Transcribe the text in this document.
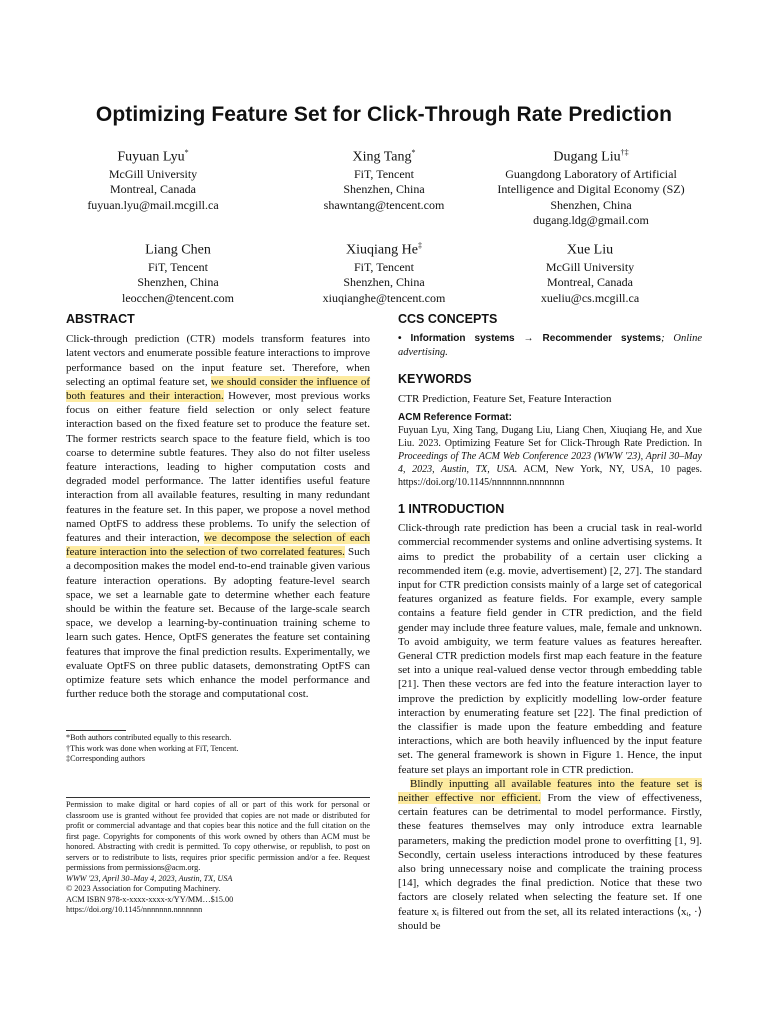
Optimizing Feature Set for Click-Through Rate Prediction
Fuyuan Lyu*
McGill University
Montreal, Canada
fuyuan.lyu@mail.mcgill.ca
Xing Tang*
FiT, Tencent
Shenzhen, China
shawntang@tencent.com
Dugang Liu†‡
Guangdong Laboratory of Artificial
Intelligence and Digital Economy (SZ)
Shenzhen, China
dugang.ldg@gmail.com
Liang Chen
FiT, Tencent
Shenzhen, China
leocchen@tencent.com
Xiuqiang He‡
FiT, Tencent
Shenzhen, China
xiuqianghe@tencent.com
Xue Liu
McGill University
Montreal, Canada
xueliu@cs.mcgill.ca
ABSTRACT

Click-through prediction (CTR) models transform features into latent vectors and enumerate possible feature interactions to improve performance based on the input feature set. Therefore, when selecting an optimal feature set, we should consider the influence of both features and their interaction. However, most previous works focus on either feature field selection or only select feature interaction based on the fixed feature set to produce the feature set. The former restricts search space to the feature field, which is too coarse to determine subtle features. They also do not filter useless feature interactions, leading to higher computation costs and degraded model performance. The latter identifies useful feature interaction from all available features, resulting in many redundant features in the feature set. In this paper, we propose a novel method named OptFS to address these problems. To unify the selection of features and their interaction, we decompose the selection of each feature interaction into the selection of two correlated features. Such a decomposition makes the model end-to-end trainable given various feature interaction operations. By adopting feature-level search space, we set a learnable gate to determine whether each feature should be within the feature set. Because of the large-scale search space, we develop a learning-by-continuation training scheme to learn such gates. Hence, OptFS generates the feature set containing features that improve the final prediction results. Experimentally, we evaluate OptFS on three public datasets, demonstrating OptFS can optimize feature sets which enhance the model performance and further reduce both the storage and computational cost.

*Both authors contributed equally to this research.
†This work was done when working at FiT, Tencent.
‡Corresponding authors

Permission to make digital or hard copies of all or part of this work for personal or classroom use is granted without fee provided that copies are not made or distributed for profit or commercial advantage and that copies bear this notice and the full citation on the first page. Copyrights for components of this work owned by others than ACM must be honored. Abstracting with credit is permitted. To copy otherwise, or republish, to post on servers or to redistribute to lists, requires prior specific permission and/or a fee. Request permissions from permissions@acm.org.

WWW '23, April 30–May 4, 2023, Austin, TX, USA
© 2023 Association for Computing Machinery.
ACM ISBN 978-x-xxxx-xxxx-x/YY/MM…$15.00
https://doi.org/10.1145/nnnnnnn.nnnnnnn
CCS CONCEPTS

• Information systems → Recommender systems; Online advertising.

KEYWORDS

CTR Prediction, Feature Set, Feature Interaction

ACM Reference Format:

Fuyuan Lyu, Xing Tang, Dugang Liu, Liang Chen, Xiuqiang He, and Xue Liu. 2023. Optimizing Feature Set for Click-Through Rate Prediction. In Proceedings of The ACM Web Conference 2023 (WWW '23), April 30–May 4, 2023, Austin, TX, USA. ACM, New York, NY, USA, 10 pages. https://doi.org/10.1145/nnnnnnn.nnnnnnn

1 INTRODUCTION

Click-through rate prediction has been a crucial task in real-world commercial recommender systems and online advertising systems. It aims to predict the probability of a certain user clicking a recommended item (e.g. movie, advertisement) [2, 27]. The standard input for CTR prediction consists mainly of a large set of categorical features organized as feature fields. For example, every sample contains a feature field gender in CTR prediction, and the field gender may include three feature values, male, female and unknown. To avoid ambiguity, we term feature values as features hereafter. General CTR prediction models first map each feature in the feature set into a unique real-valued dense vector through embedding table [21]. Then these vectors are fed into the feature interaction layer to improve the prediction by explicitly modelling low-order feature interaction by enumerating feature set [22]. The final prediction of the classifier is made upon the feature embedding and feature interactions, which are both heavily influenced by the input feature set. The general framework is shown in Figure 1. Hence, the input feature set plays an important role in CTR prediction.

Blindly inputting all available features into the feature set is neither effective nor efficient. From the view of effectiveness, certain features can be detrimental to model performance. Firstly, these features themselves may only introduce extra learnable parameters, making the prediction model prone to overfitting [1, 9]. Secondly, certain useless interactions introduced by these features also bring unnecessary noise and complicate the training process [14], which degrades the final prediction. Notice that these two factors are closely related when selecting the feature set. If one feature xᵢ is filtered out from the set, all its related interactions ⟨xᵢ, ·⟩ should be
